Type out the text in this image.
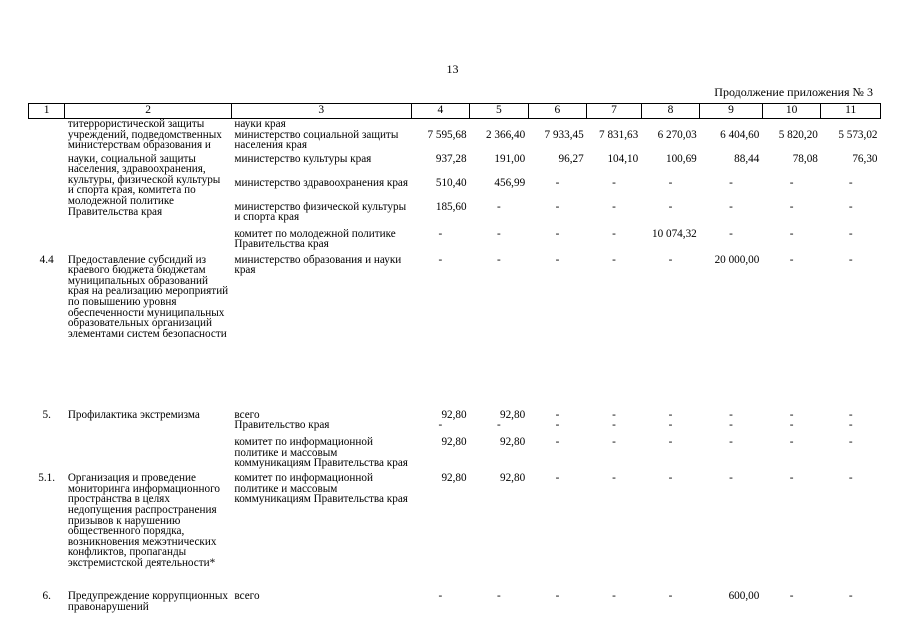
13
Продолжение приложения № 3
1	2	3	4	5	6	7	8	9	10	11
	титеррористической защиты учреждений, подведомственных министерствам образования и	науки края								
		министерство социальной защиты населения края	7 595,68	2 366,40	7 933,45	7 831,63	6 270,03	6 404,60	5 820,20	5 573,02
	науки, социальной защиты населения, здравоохранения, культуры, физической культуры и спорта края, комитета по молодежной политике Правительства края	министерство культуры края	937,28	191,00	96,27	104,10	100,69	88,44	78,08	76,30
		министерство здравоохранения края	510,40	456,99	-	-	-	-	-	-
		министерство физической культуры и спорта края	185,60	-	-	-	-	-	-	-
		комитет по молодежной политике Правительства края	-	-	-	-	10 074,32	-	-	-
4.4	Предоставление субсидий из краевого бюджета бюджетам муниципальных образований края на реализацию мероприятий по повышению уровня обеспеченности муниципальных образовательных организаций элементами систем безопасности	министерство образования и науки края	-	-	-	-	-	20 000,00	-	-
5.	Профилактика экстремизма	всего	92,80	92,80	-	-	-	-	-	-
		Правительство края	-	-	-	-	-	-	-	-
		комитет по информационной политике и массовым коммуникациям Правительства края	92,80	92,80	-	-	-	-	-	-
5.1.	Организация и проведение мониторинга информационного пространства в целях недопущения распространения призывов к нарушению общественного порядка, возникновения межэтнических конфликтов, пропаганды экстремистской деятельности*	комитет по информационной политике и массовым коммуникациям Правительства края	92,80	92,80	-	-	-	-	-	-
6.	Предупреждение коррупционных правонарушений	всего	-	-	-	-	-	600,00	-	-
